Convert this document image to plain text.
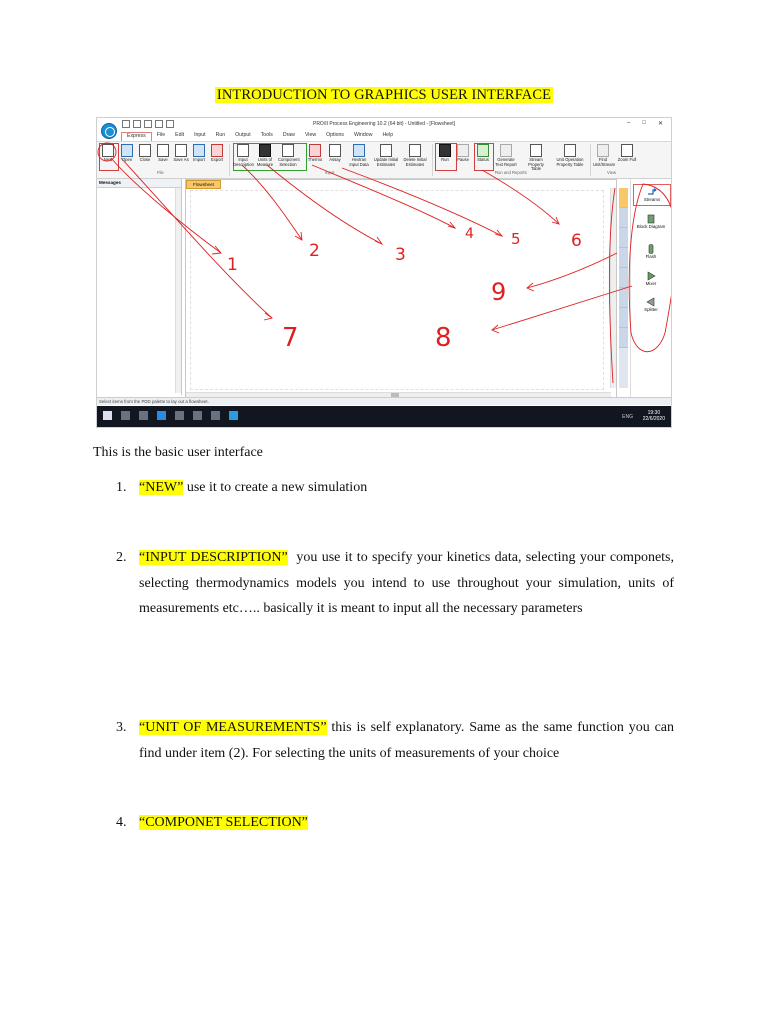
INTRODUCTION TO GRAPHICS USER INTERFACE
PRO/II Process Engineering 10.2 (64 bit) - Untitled - [Flowsheet]	– □ ✕
Express	File	Edit	Input	Run	Output	Tools	Draw	View	Options	Window	Help
New	Open	Close	Save	Save As	Import	Export	Input Description
Units of Measure
Component Selection
Thermo	Assay	Hextran Input Data
Update Initial Estimates
Delete Initial Estimates
Run	Pause	Status	Generate Text Report
Stream Property Table
Unit Operation Property Table
Find Unit/Stream
Zoom Full
File	Input	Run and Reports	View
Messages	Flowsheet
Streams
Block Diagram
Flash
Mixer
Splitter
Select items from the PDD palette to lay out a flowsheet.
ENG
19:30
22/6/2020
1
2	3
4 5	6
7	8
9
This is the basic user interface
1. “NEW” use it to create a new simulation
2. “INPUT DESCRIPTION”  you use it to specify your kinetics data, selecting your componets, selecting thermodynamics models you intend to use throughout your simulation, units of measurements etc….. basically it is meant to input all the necessary parameters
3. “UNIT OF MEASUREMENTS” this is self explanatory. Same as the same function you can find under item (2). For selecting the units of measurements of your choice
4. “COMPONET SELECTION”
